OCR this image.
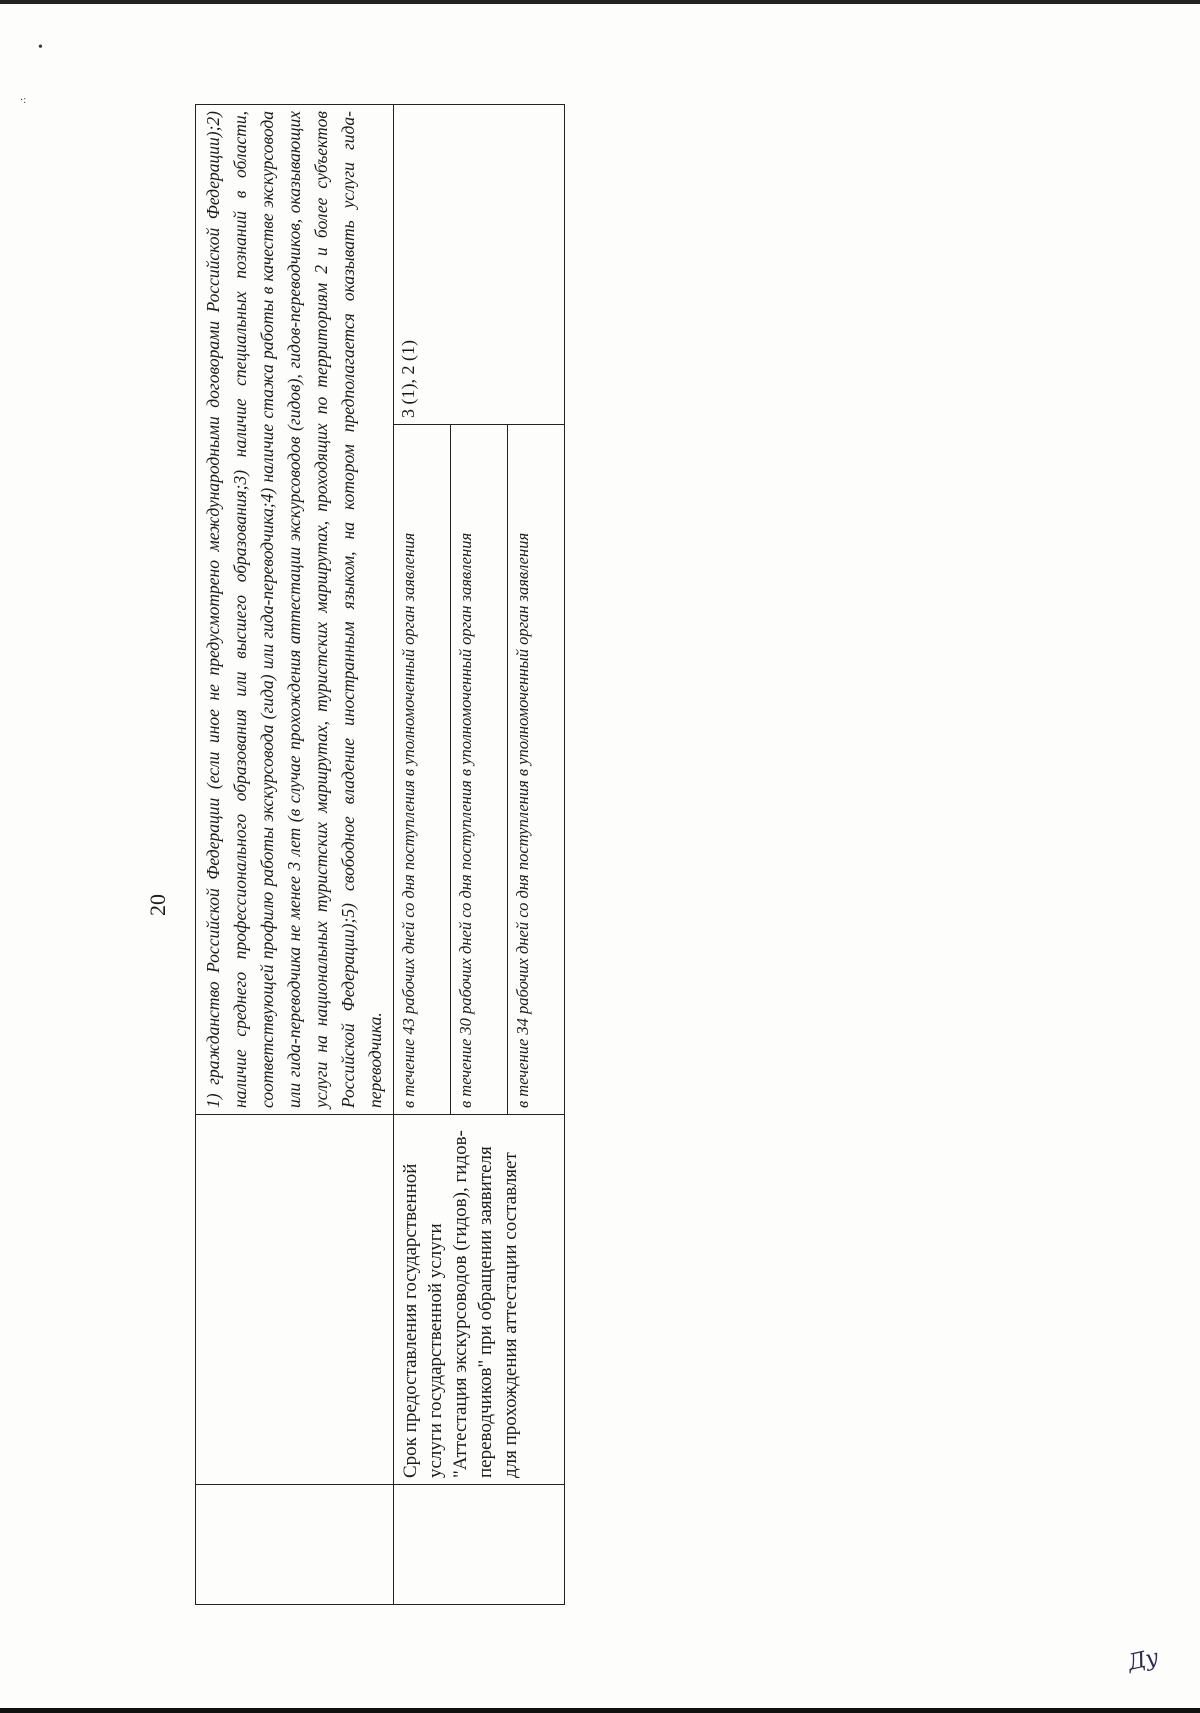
•
·:
20
		1) гражданство Российской Федерации (если иное не предусмотрено международными договорами Российской Федерации);2) наличие среднего профессионального образования или высшего образования;3) наличие специальных познаний в области, соответствующей профилю работы экскурсовода (гида) или гида-переводчика;4) наличие стажа работы в качестве экскурсовода или гида-переводчика не менее 3 лет (в случае прохождения аттестации экскурсоводов (гидов), гидов-переводчиков, оказывающих услуги на национальных туристских маршрутах, туристских маршрутах, проходящих по территориям 2 и более субъектов Российской Федерации);5) свободное владение иностранным языком, на котором предполагается оказывать услуги гида-переводчика.	
	Срок предоставления государственной услуги государственной услуги "Аттестация экскурсоводов (гидов), гидов-переводчиков" при обращении заявителя для прохождения аттестации составляет	в течение 43 рабочих дней со дня поступления в уполномоченный орган заявления	3 (1), 2 (1)
		в течение 30 рабочих дней со дня поступления в уполномоченный орган заявления	
		в течение 34 рабочих дней со дня поступления в уполномоченный орган заявления	
Ду
